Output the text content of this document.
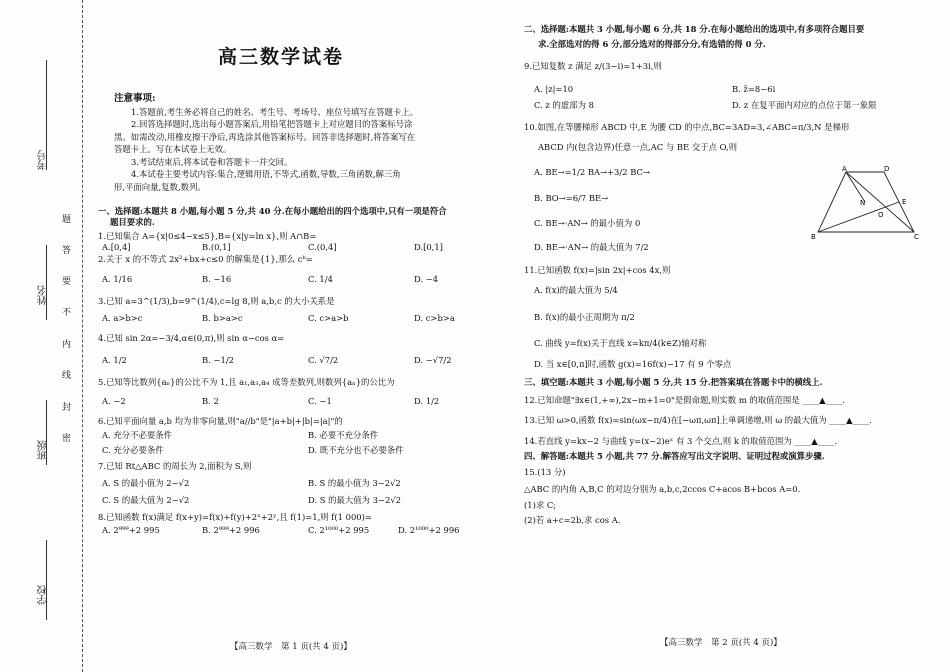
考号
姓名
班级
学校
题
答
要
不
内
线
封
密
高三数学试卷

注意事项:

1.答题前,考生务必将自己的姓名、考生号、考场号、座位号填写在答题卡上。

2.回答选择题时,选出每小题答案后,用铅笔把答题卡上对应题目的答案标号涂

黑。如需改动,用橡皮擦干净后,再选涂其他答案标号。回答非选择题时,将答案写在

答题卡上。写在本试卷上无效。

3.考试结束后,将本试卷和答题卡一并交回。

4.本试卷主要考试内容:集合,逻辑用语,不等式,函数,导数,三角函数,解三角

形,平面向量,复数,数列。

一、选择题:本题共 8 小题,每小题 5 分,共 40 分.在每小题给出的四个选项中,只有一项是符合

题目要求的.

1.已知集合 A={x|0≤4−x≤5},B={x|y=ln x},则 A∩B=

A.[0,4]	B.(0,1]	C.(0,4]	D.[0,1]

2.关于 x 的不等式 2x²+bx+c≤0 的解集是{1},那么 cᵇ=

A. 1/16	B. −16	C. 1/4	D. −4

3.已知 a=3^(1/3),b=9^(1/4),c=lg 8,则 a,b,c 的大小关系是

A. a>b>c	B. b>a>c	C. c>a>b	D. c>b>a

4.已知 sin 2α=−3/4,α∈(0,π),则 sin α−cos α=

A. 1/2	B. −1/2	C. √7/2	D. −√7/2

5.已知等比数列{aₙ}的公比不为 1,且 a₁,a₃,a₄ 成等差数列,则数列{aₙ}的公比为

A. −2	B. 2	C. −1	D. 1/2

6.已知平面向量 a,b 均为非零向量,则"a//b"是"|a+b|+|b|=|a|"的

A. 充分不必要条件	B. 必要不充分条件
C. 充分必要条件	D. 既不充分也不必要条件

7.已知 Rt△ABC 的周长为 2,面积为 S,则

A. S 的最小值为 2−√2	B. S 的最小值为 3−2√2
C. S 的最大值为 2−√2	D. S 的最大值为 3−2√2

8.已知函数 f(x)满足 f(x+y)=f(x)+f(y)+2ˣ+2ʸ,且 f(1)=1,则 f(1 000)=

A. 2⁹⁹⁹+2 995	B. 2⁹⁹⁹+2 996	C. 2¹⁰⁰⁰+2 995	D. 2¹⁰⁰⁰+2 996
【高三数学　第 1 页(共 4 页)】

二、选择题:本题共 3 小题,每小题 6 分,共 18 分.在每小题给出的选项中,有多项符合题目要

求.全部选对的得 6 分,部分选对的得部分分,有选错的得 0 分.

9.已知复数 z 满足 z/(3−i)=1+3i,则

A. |z|=10	B. z̄=8−6i
C. z 的虚部为 8	D. z 在复平面内对应的点位于第一象限

10.如图,在等腰梯形 ABCD 中,E 为腰 CD 的中点,BC=3AD=3,∠ABC=π/3,N 是梯形

ABCD 内(包含边界)任意一点,AC 与 BE 交于点 O,则

A. BE→=1/2 BA→+3/2 BC→

B. BO→=6/7 BE→

C. BE→·AN→ 的最小值为 0

D. BE→·AN→ 的最大值为 7/2

11.已知函数 f(x)=|sin 2x|+cos 4x,则

A. f(x)的最大值为 5/4

B. f(x)的最小正周期为 π/2

C. 曲线 y=f(x)关于直线 x=kπ/4(k∈Z)轴对称

D. 当 x∈[0,π]时,函数 g(x)=16f(x)−17 有 9 个零点

三、填空题:本题共 3 小题,每小题 5 分,共 15 分.把答案填在答题卡中的横线上.

12.已知命题"∃x∈(1,+∞),2x−m+1=0"是假命题,则实数 m 的取值范围是 ____▲____.

13.已知 ω>0,函数 f(x)=sin(ωx−π/4)在[−ωπ,ωπ]上单调递增,则 ω 的最大值为 ____▲____.

14.若直线 y=kx−2 与曲线 y=(x−2)eˣ 有 3 个交点,则 k 的取值范围为 ____▲____.

四、解答题:本题共 5 小题,共 77 分.解答应写出文字说明、证明过程或演算步骤.

15.(13 分)

△ABC 的内角 A,B,C 的对边分别为 a,b,c,2ccos C+acos B+bcos A=0.

(1)求 C;

(2)若 a+c=2b,求 cos A.

A	D
E
N
O
B	C
【高三数学　第 2 页(共 4 页)】
